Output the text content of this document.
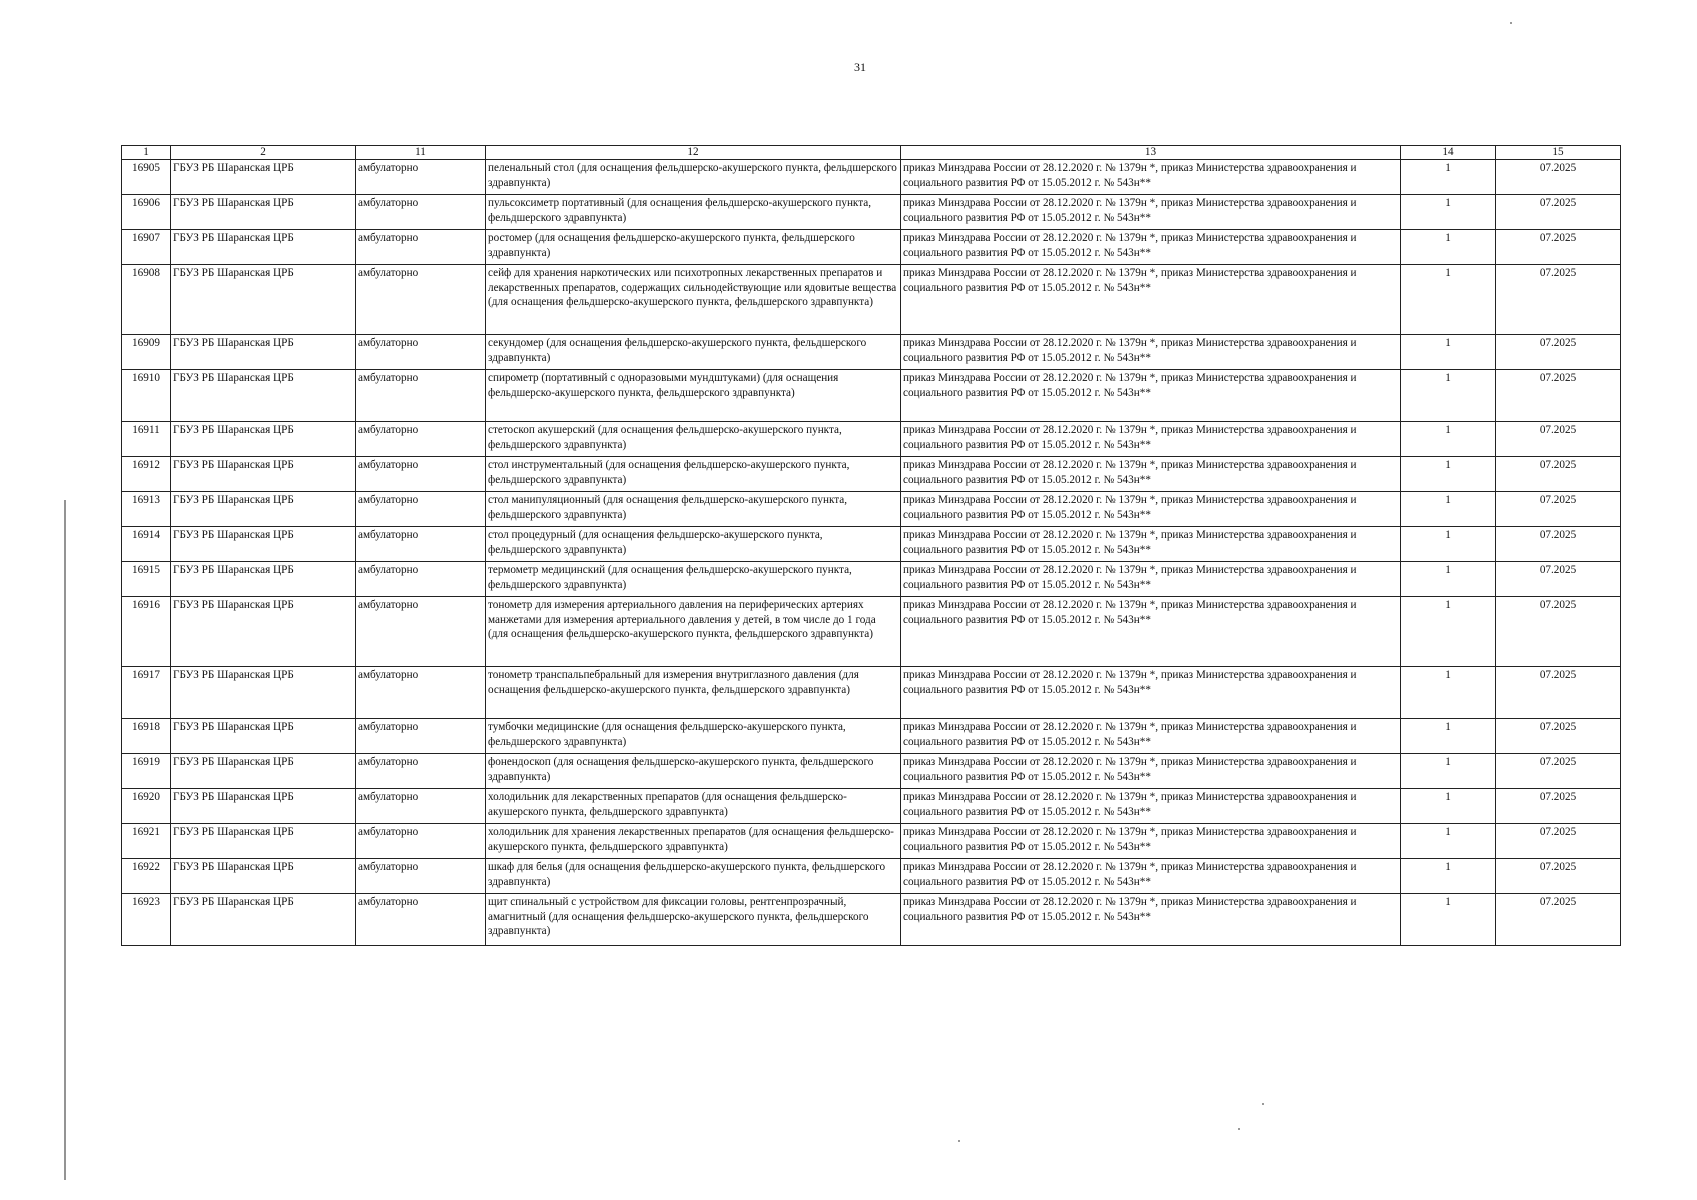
31
1	2	11	12	13	14	15
16905	ГБУЗ РБ Шаранская ЦРБ	амбулаторно	пеленальный стол (для оснащения фельдшерско-акушерского пункта, фельдшерского здравпункта)	приказ Минздрава России от 28.12.2020 г. № 1379н *, приказ Министерства здравоохранения и социального развития РФ от 15.05.2012 г. № 543н**	1	07.2025
16906	ГБУЗ РБ Шаранская ЦРБ	амбулаторно	пульсоксиметр портативный (для оснащения фельдшерско-акушерского пункта, фельдшерского здравпункта)	приказ Минздрава России от 28.12.2020 г. № 1379н *, приказ Министерства здравоохранения и социального развития РФ от 15.05.2012 г. № 543н**	1	07.2025
16907	ГБУЗ РБ Шаранская ЦРБ	амбулаторно	ростомер (для оснащения фельдшерско-акушерского пункта, фельдшерского здравпункта)	приказ Минздрава России от 28.12.2020 г. № 1379н *, приказ Министерства здравоохранения и социального развития РФ от 15.05.2012 г. № 543н**	1	07.2025
16908	ГБУЗ РБ Шаранская ЦРБ	амбулаторно	сейф для хранения наркотических или психотропных лекарственных препаратов и лекарственных препаратов, содержащих сильнодействующие или ядовитые вещества (для оснащения фельдшерско-акушерского пункта, фельдшерского здравпункта)	приказ Минздрава России от 28.12.2020 г. № 1379н *, приказ Министерства здравоохранения и социального развития РФ от 15.05.2012 г. № 543н**	1	07.2025
16909	ГБУЗ РБ Шаранская ЦРБ	амбулаторно	секундомер (для оснащения фельдшерско-акушерского пункта, фельдшерского здравпункта)	приказ Минздрава России от 28.12.2020 г. № 1379н *, приказ Министерства здравоохранения и социального развития РФ от 15.05.2012 г. № 543н**	1	07.2025
16910	ГБУЗ РБ Шаранская ЦРБ	амбулаторно	спирометр (портативный с одноразовыми мундштуками) (для оснащения фельдшерско-акушерского пункта, фельдшерского здравпункта)	приказ Минздрава России от 28.12.2020 г. № 1379н *, приказ Министерства здравоохранения и социального развития РФ от 15.05.2012 г. № 543н**	1	07.2025
16911	ГБУЗ РБ Шаранская ЦРБ	амбулаторно	стетоскоп акушерский (для оснащения фельдшерско-акушерского пункта, фельдшерского здравпункта)	приказ Минздрава России от 28.12.2020 г. № 1379н *, приказ Министерства здравоохранения и социального развития РФ от 15.05.2012 г. № 543н**	1	07.2025
16912	ГБУЗ РБ Шаранская ЦРБ	амбулаторно	стол инструментальный (для оснащения фельдшерско-акушерского пункта, фельдшерского здравпункта)	приказ Минздрава России от 28.12.2020 г. № 1379н *, приказ Министерства здравоохранения и социального развития РФ от 15.05.2012 г. № 543н**	1	07.2025
16913	ГБУЗ РБ Шаранская ЦРБ	амбулаторно	стол манипуляционный (для оснащения фельдшерско-акушерского пункта, фельдшерского здравпункта)	приказ Минздрава России от 28.12.2020 г. № 1379н *, приказ Министерства здравоохранения и социального развития РФ от 15.05.2012 г. № 543н**	1	07.2025
16914	ГБУЗ РБ Шаранская ЦРБ	амбулаторно	стол процедурный (для оснащения фельдшерско-акушерского пункта, фельдшерского здравпункта)	приказ Минздрава России от 28.12.2020 г. № 1379н *, приказ Министерства здравоохранения и социального развития РФ от 15.05.2012 г. № 543н**	1	07.2025
16915	ГБУЗ РБ Шаранская ЦРБ	амбулаторно	термометр медицинский (для оснащения фельдшерско-акушерского пункта, фельдшерского здравпункта)	приказ Минздрава России от 28.12.2020 г. № 1379н *, приказ Министерства здравоохранения и социального развития РФ от 15.05.2012 г. № 543н**	1	07.2025
16916	ГБУЗ РБ Шаранская ЦРБ	амбулаторно	тонометр для измерения артериального давления на периферических артериях манжетами для измерения артериального давления у детей, в том числе до 1 года (для оснащения фельдшерско-акушерского пункта, фельдшерского здравпункта)	приказ Минздрава России от 28.12.2020 г. № 1379н *, приказ Министерства здравоохранения и социального развития РФ от 15.05.2012 г. № 543н**	1	07.2025
16917	ГБУЗ РБ Шаранская ЦРБ	амбулаторно	тонометр транспальпебральный для измерения внутриглазного давления (для оснащения фельдшерско-акушерского пункта, фельдшерского здравпункта)	приказ Минздрава России от 28.12.2020 г. № 1379н *, приказ Министерства здравоохранения и социального развития РФ от 15.05.2012 г. № 543н**	1	07.2025
16918	ГБУЗ РБ Шаранская ЦРБ	амбулаторно	тумбочки медицинские (для оснащения фельдшерско-акушерского пункта, фельдшерского здравпункта)	приказ Минздрава России от 28.12.2020 г. № 1379н *, приказ Министерства здравоохранения и социального развития РФ от 15.05.2012 г. № 543н**	1	07.2025
16919	ГБУЗ РБ Шаранская ЦРБ	амбулаторно	фонендоскоп (для оснащения фельдшерско-акушерского пункта, фельдшерского здравпункта)	приказ Минздрава России от 28.12.2020 г. № 1379н *, приказ Министерства здравоохранения и социального развития РФ от 15.05.2012 г. № 543н**	1	07.2025
16920	ГБУЗ РБ Шаранская ЦРБ	амбулаторно	холодильник для лекарственных препаратов (для оснащения фельдшерско-акушерского пункта, фельдшерского здравпункта)	приказ Минздрава России от 28.12.2020 г. № 1379н *, приказ Министерства здравоохранения и социального развития РФ от 15.05.2012 г. № 543н**	1	07.2025
16921	ГБУЗ РБ Шаранская ЦРБ	амбулаторно	холодильник для хранения лекарственных препаратов (для оснащения фельдшерско-акушерского пункта, фельдшерского здравпункта)	приказ Минздрава России от 28.12.2020 г. № 1379н *, приказ Министерства здравоохранения и социального развития РФ от 15.05.2012 г. № 543н**	1	07.2025
16922	ГБУЗ РБ Шаранская ЦРБ	амбулаторно	шкаф для белья (для оснащения фельдшерско-акушерского пункта, фельдшерского здравпункта)	приказ Минздрава России от 28.12.2020 г. № 1379н *, приказ Министерства здравоохранения и социального развития РФ от 15.05.2012 г. № 543н**	1	07.2025
16923	ГБУЗ РБ Шаранская ЦРБ	амбулаторно	щит спинальный с устройством для фиксации головы, рентгенпрозрачный, амагнитный (для оснащения фельдшерско-акушерского пункта, фельдшерского здравпункта)	приказ Минздрава России от 28.12.2020 г. № 1379н *, приказ Министерства здравоохранения и социального развития РФ от 15.05.2012 г. № 543н**	1	07.2025
